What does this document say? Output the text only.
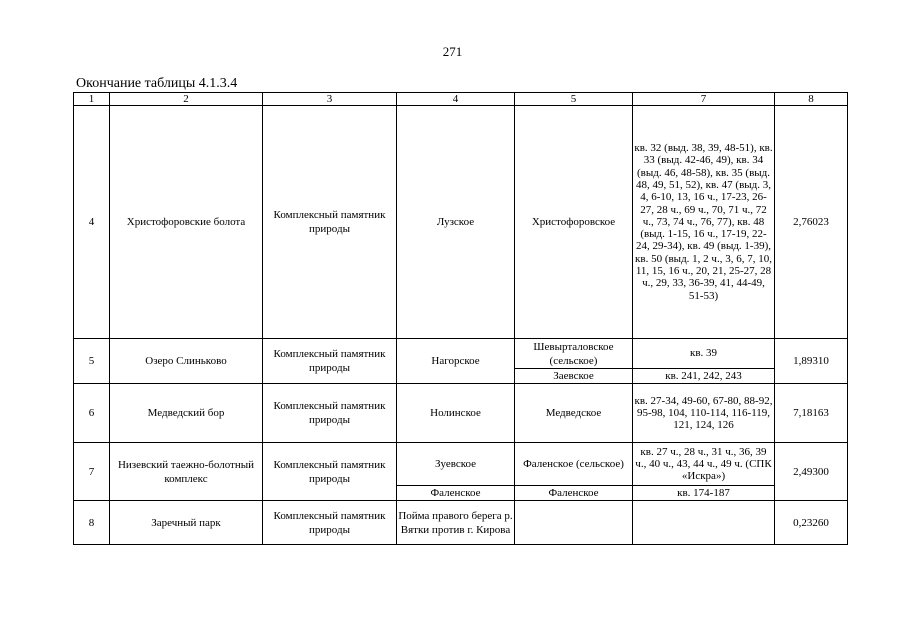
271
Окончание таблицы 4.1.3.4
1	2	3	4	5	7	8
4	Христофоровские болота	Комплексный памятник природы	Лузское	Христофоровское	кв. 32 (выд. 38, 39, 48-51), кв. 33 (выд. 42-46, 49), кв. 34 (выд. 46, 48-58), кв. 35 (выд. 48, 49, 51, 52), кв. 47 (выд. 3, 4, 6-10, 13, 16 ч., 17-23, 26-27, 28 ч., 69 ч., 70, 71 ч., 72 ч., 73, 74 ч., 76, 77), кв. 48 (выд. 1-15, 16 ч., 17-19, 22-24, 29-34), кв. 49 (выд. 1-39), кв. 50 (выд. 1, 2 ч., 3, 6, 7, 10, 11, 15, 16 ч., 20, 21, 25-27, 28 ч., 29, 33, 36-39, 41, 44-49, 51-53)	2,76023
5	Озеро Слиньково	Комплексный памятник природы	Нагорское	Шевырталовское (сельское)	кв. 39	1,89310
				Заевское	кв. 241, 242, 243	
6	Медведский бор	Комплексный памятник природы	Нолинское	Медведское	кв. 27-34, 49-60, 67-80, 88-92, 95-98, 104, 110-114, 116-119, 121, 124, 126	7,18163
7	Низевский таежно-болотный комплекс	Комплексный памятник природы	Зуевское	Фаленское (сельское)	кв. 27 ч., 28 ч., 31 ч., 36, 39 ч., 40 ч., 43, 44 ч., 49 ч. (СПК «Искра»)	2,49300
			Фаленское	Фаленское	кв. 174-187	
8	Заречный парк	Комплексный памятник природы	Пойма правого берега р. Вятки против г. Кирова			0,23260
